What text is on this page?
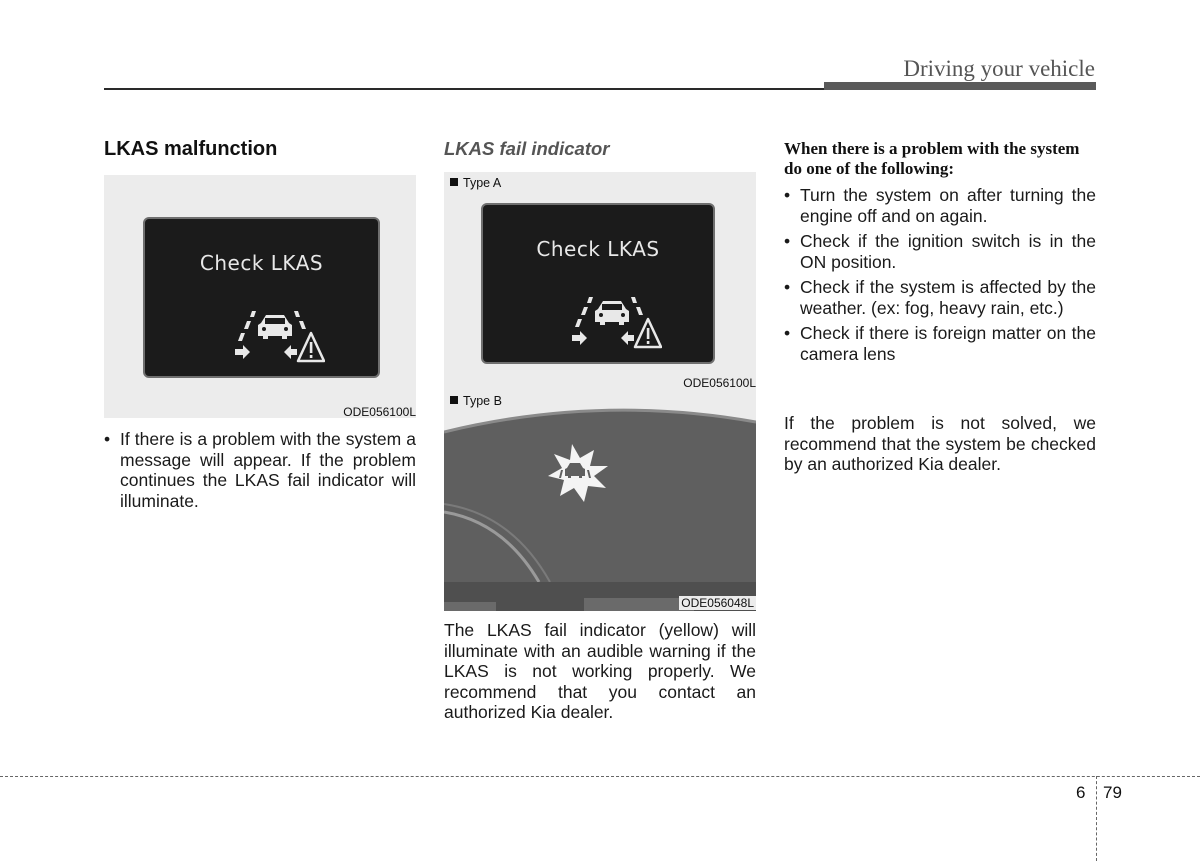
Driving your vehicle
LKAS malfunction
Check LKAS
ODE056100L
• If there is a problem with the system a message will appear. If the problem continues the LKAS fail indicator will illuminate.
LKAS fail indicator
Type A
Check LKAS
ODE056100L
Type B
ODE056048L
The LKAS fail indicator (yellow) will illuminate with an audible warning if the LKAS is not working properly. We recommend that you contact an authorized Kia dealer.
When there is a problem with the system do one of the following:
• Turn the system on after turning the engine off and on again.
• Check if the ignition switch is in the ON position.
• Check if the system is affected by the weather. (ex: fog, heavy rain, etc.)
• Check if there is foreign matter on the camera lens
If the problem is not solved, we recommend that the system be checked by an authorized Kia dealer.
6 79
